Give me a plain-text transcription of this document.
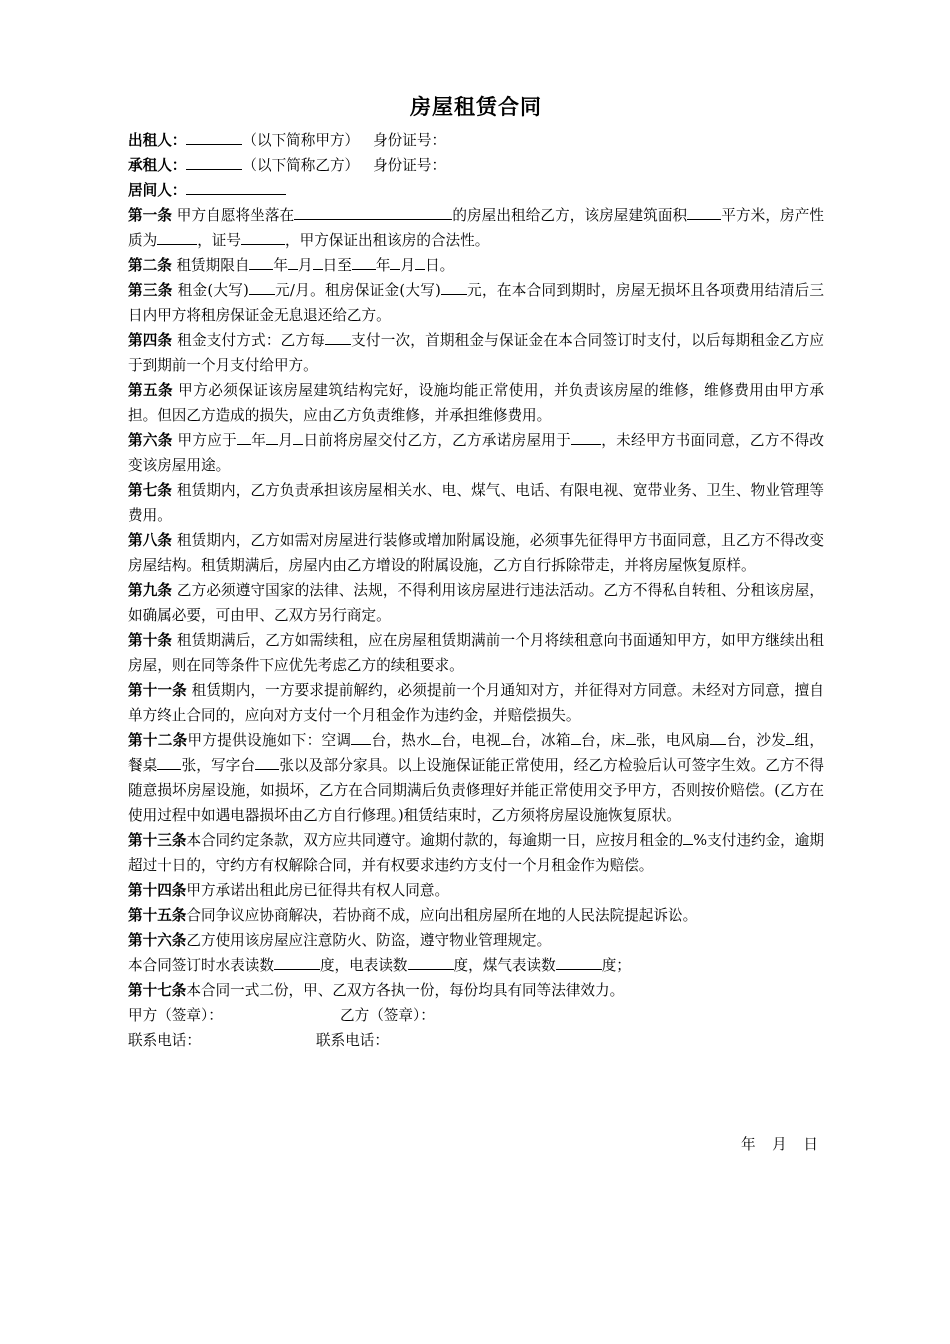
房屋租赁合同

出租人：	（以下简称甲方） 身份证号：

承租人：	（以下简称乙方） 身份证号：

居间人：

第一条 甲方自愿将坐落在	的房屋出租给乙方，该房屋建筑面积 平方米，房产性质为	，证号	，甲方保证出租该房的合法性。

第二条 租赁期限自 年 月 日至 年 月 日。

第三条 租金(大写) 元/月。租房保证金(大写) 元，在本合同到期时，房屋无损坏且各项费用结清后三日内甲方将租房保证金无息退还给乙方。

第四条 租金支付方式：乙方每 支付一次，首期租金与保证金在本合同签订时支付，以后每期租金乙方应于到期前一个月支付给甲方。

第五条 甲方必须保证该房屋建筑结构完好，设施均能正常使用，并负责该房屋的维修，维修费用由甲方承担。但因乙方造成的损失，应由乙方负责维修，并承担维修费用。

第六条 甲方应于 年 月 日前将房屋交付乙方，乙方承诺房屋用于 ，未经甲方书面同意，乙方不得改变该房屋用途。

第七条 租赁期内，乙方负责承担该房屋相关水、电、煤气、电话、有限电视、宽带业务、卫生、物业管理等费用。

第八条 租赁期内，乙方如需对房屋进行装修或增加附属设施，必须事先征得甲方书面同意，且乙方不得改变房屋结构。租赁期满后，房屋内由乙方增设的附属设施，乙方自行拆除带走，并将房屋恢复原样。

第九条 乙方必须遵守国家的法律、法规，不得利用该房屋进行违法活动。乙方不得私自转租、分租该房屋，如确属必要，可由甲、乙双方另行商定。

第十条 租赁期满后，乙方如需续租，应在房屋租赁期满前一个月将续租意向书面通知甲方，如甲方继续出租房屋，则在同等条件下应优先考虑乙方的续租要求。

第十一条 租赁期内，一方要求提前解约，必须提前一个月通知对方，并征得对方同意。未经对方同意，擅自单方终止合同的，应向对方支付一个月租金作为违约金，并赔偿损失。

第十二条甲方提供设施如下：空调 台，热水 台，电视 台，冰箱 台，床 张，电风扇 台，沙发 组，餐桌 张，写字台 张以及部分家具。以上设施保证能正常使用，经乙方检验后认可签字生效。乙方不得随意损坏房屋设施，如损坏，乙方在合同期满后负责修理好并能正常使用交予甲方，否则按价赔偿。(乙方在使用过程中如遇电器损坏由乙方自行修理。)租赁结束时，乙方须将房屋设施恢复原状。

第十三条本合同约定条款，双方应共同遵守。逾期付款的，每逾期一日，应按月租金的 %支付违约金，逾期超过十日的，守约方有权解除合同，并有权要求违约方支付一个月租金作为赔偿。

第十四条甲方承诺出租此房已征得共有权人同意。

第十五条合同争议应协商解决，若协商不成，应向出租房屋所在地的人民法院提起诉讼。

第十六条乙方使用该房屋应注意防火、防盗，遵守物业管理规定。

本合同签订时水表读数	度，电表读数	度，煤气表读数	度；

第十七条本合同一式二份，甲、乙双方各执一份，每份均具有同等法律效力。

甲方（签章）：	乙方（签章）：

联系电话：	联系电话：

年 月 日
